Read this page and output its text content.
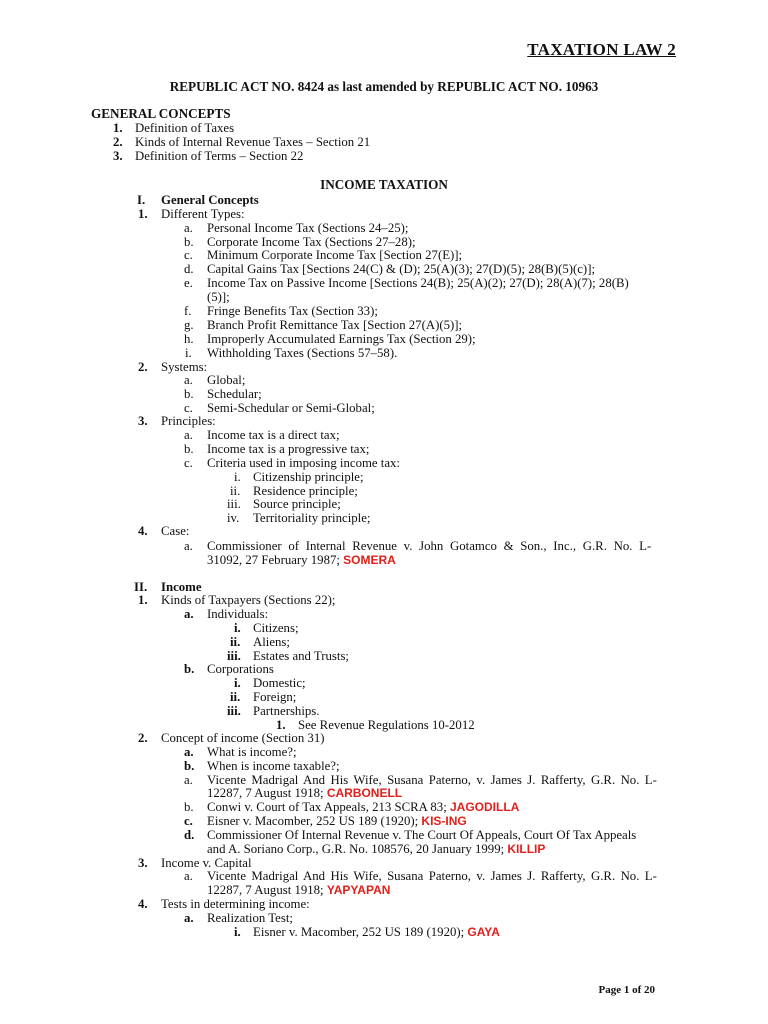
TAXATION LAW 2
REPUBLIC ACT NO. 8424 as last amended by REPUBLIC ACT NO. 10963
GENERAL CONCEPTS
1. Definition of Taxes
2. Kinds of Internal Revenue Taxes – Section 21
3. Definition of Terms – Section 22
INCOME TAXATION
I. General Concepts
1. Different Types:
a. Personal Income Tax (Sections 24–25);
b. Corporate Income Tax (Sections 27–28);
c. Minimum Corporate Income Tax [Section 27(E)];
d. Capital Gains Tax [Sections 24(C) & (D); 25(A)(3); 27(D)(5); 28(B)(5)(c)];
e. Income Tax on Passive Income [Sections 24(B); 25(A)(2); 27(D); 28(A)(7); 28(B)
(5)];
f. Fringe Benefits Tax (Section 33);
g. Branch Profit Remittance Tax [Section 27(A)(5)];
h. Improperly Accumulated Earnings Tax (Section 29);
i. Withholding Taxes (Sections 57–58).
2. Systems:
a. Global;
b. Schedular;
c. Semi-Schedular or Semi-Global;
3. Principles:
a. Income tax is a direct tax;
b. Income tax is a progressive tax;
c. Criteria used in imposing income tax:
i. Citizenship principle;
ii. Residence principle;
iii. Source principle;
iv. Territoriality principle;
4. Case:
a. Commissioner of Internal Revenue v. John Gotamco & Son., Inc., G.R. No. L-
31092, 27 February 1987; SOMERA
II. Income
1. Kinds of Taxpayers (Sections 22);
a. Individuals:
i. Citizens;
ii. Aliens;
iii. Estates and Trusts;
b. Corporations
i. Domestic;
ii. Foreign;
iii. Partnerships.
1. See Revenue Regulations 10-2012
2. Concept of income (Section 31)
a. What is income?;
b. When is income taxable?;
a. Vicente Madrigal And His Wife, Susana Paterno, v. James J. Rafferty, G.R. No. L-
12287, 7 August 1918; CARBONELL
b. Conwi v. Court of Tax Appeals, 213 SCRA 83; JAGODILLA
c. Eisner v. Macomber, 252 US 189 (1920); KIS-ING
d. Commissioner Of Internal Revenue v. The Court Of Appeals, Court Of Tax Appeals
and A. Soriano Corp., G.R. No. 108576, 20 January 1999; KILLIP
3. Income v. Capital
a. Vicente Madrigal And His Wife, Susana Paterno, v. James J. Rafferty, G.R. No. L-
12287, 7 August 1918; YAPYAPAN
4. Tests in determining income:
a. Realization Test;
i. Eisner v. Macomber, 252 US 189 (1920); GAYA
Page 1 of 20
